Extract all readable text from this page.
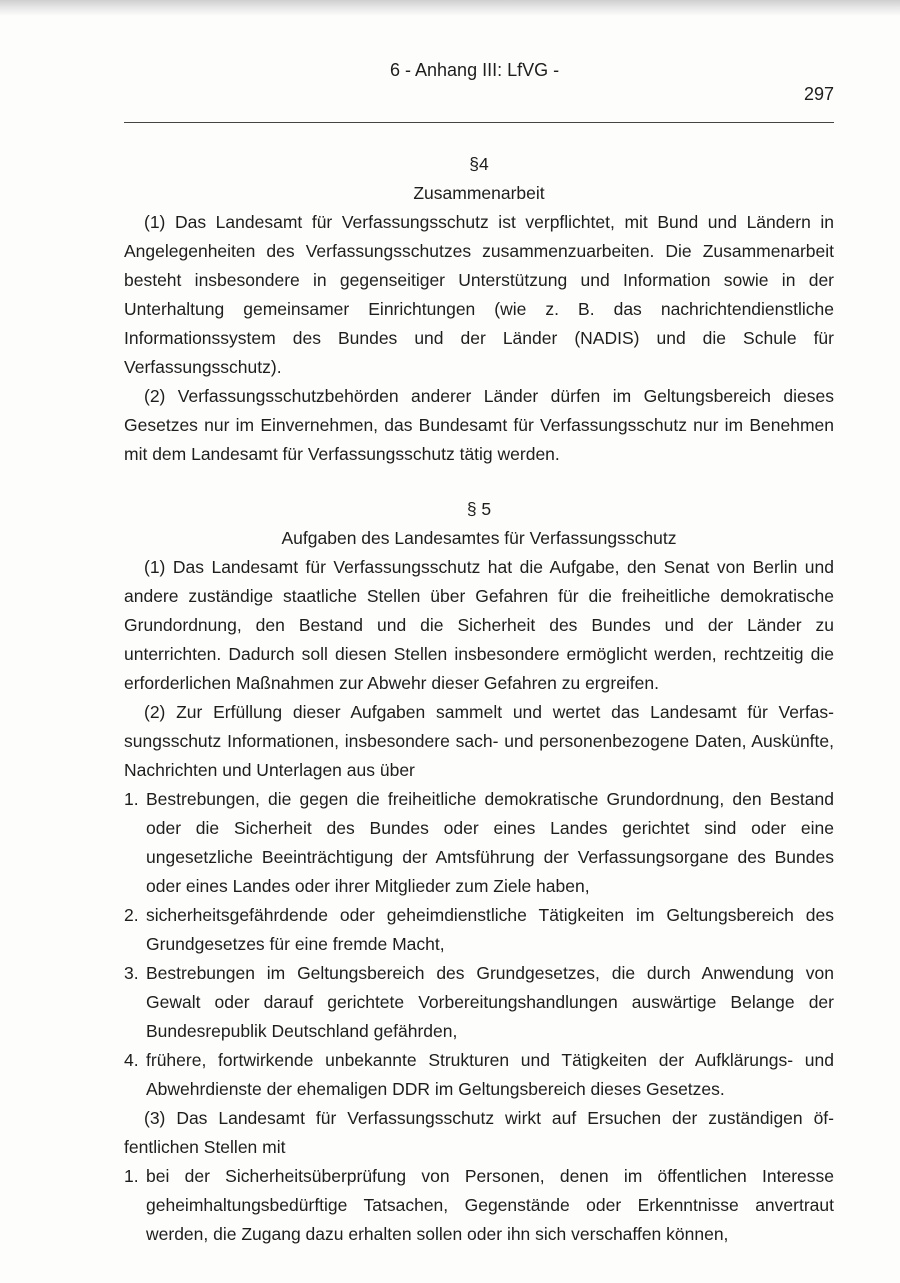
6 - Anhang III: LfVG -
297

§4

Zusammenarbeit

(1) Das Landesamt für Verfassungsschutz ist verpflichtet, mit Bund und Ländern in Angelegenheiten des Verfassungsschutzes zusammenzuarbeiten. Die Zusammenarbeit besteht insbesondere in gegenseitiger Unterstützung und Information sowie in der Unterhaltung gemeinsamer Einrichtungen (wie z. B. das nachrichtendienstliche Informationssystem des Bundes und der Länder (NADIS) und die Schule für Verfassungsschutz).

(2) Verfassungsschutzbehörden anderer Länder dürfen im Geltungsbereich dieses Gesetzes nur im Einvernehmen, das Bundesamt für Verfassungsschutz nur im Benehmen mit dem Landesamt für Verfassungsschutz tätig werden.

§ 5

Aufgaben des Landesamtes für Verfassungsschutz

(1) Das Landesamt für Verfassungsschutz hat die Aufgabe, den Senat von Berlin und andere zuständige staatliche Stellen über Gefahren für die freiheitliche demokratische Grundordnung, den Bestand und die Sicherheit des Bundes und der Länder zu unterrichten. Dadurch soll diesen Stellen insbesondere ermöglicht werden, rechtzeitig die erforderlichen Maßnahmen zur Abwehr dieser Gefahren zu ergreifen.

(2) Zur Erfüllung dieser Aufgaben sammelt und wertet das Landesamt für Verfassungsschutz Informationen, insbesondere sach- und personenbezogene Daten, Auskünfte, Nachrichten und Unterlagen aus über

1. Bestrebungen, die gegen die freiheitliche demokratische Grundordnung, den Bestand oder die Sicherheit des Bundes oder eines Landes gerichtet sind oder eine ungesetzliche Beeinträchtigung der Amtsführung der Verfassungsorgane des Bundes oder eines Landes oder ihrer Mitglieder zum Ziele haben,
2. sicherheitsgefährdende oder geheimdienstliche Tätigkeiten im Geltungsbereich des Grundgesetzes für eine fremde Macht,
3. Bestrebungen im Geltungsbereich des Grundgesetzes, die durch Anwendung von Gewalt oder darauf gerichtete Vorbereitungshandlungen auswärtige Belange der Bundesrepublik Deutschland gefährden,
4. frühere, fortwirkende unbekannte Strukturen und Tätigkeiten der Aufklärungs- und Abwehrdienste der ehemaligen DDR im Geltungsbereich dieses Gesetzes.

(3) Das Landesamt für Verfassungsschutz wirkt auf Ersuchen der zuständigen öffentlichen Stellen mit

1. bei der Sicherheitsüberprüfung von Personen, denen im öffentlichen Interesse geheimhaltungsbedürftige Tatsachen, Gegenstände oder Erkenntnisse anvertraut werden, die Zugang dazu erhalten sollen oder ihn sich verschaffen können,
